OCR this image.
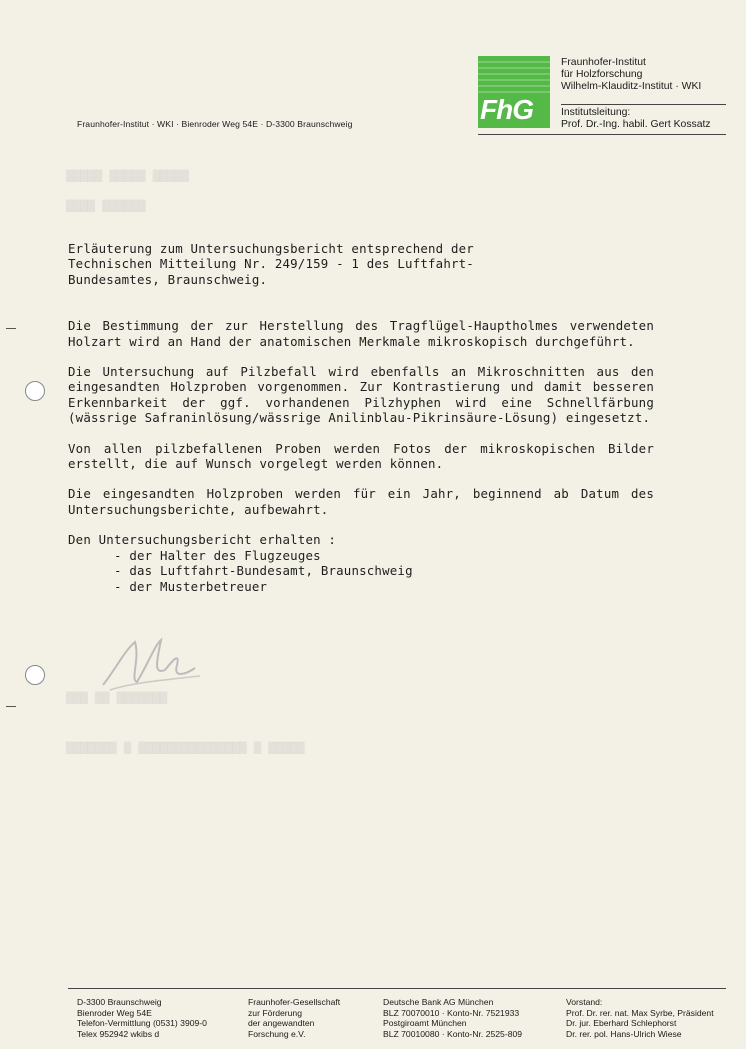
▇▇▇▇▇ ▇▇▇▇▇ ▇▇▇▇▇
▇▇▇▇ ▇▇▇▇▇▇
▇▇▇ ▇▇ ▇▇▇▇▇▇▇
▇▇▇▇▇▇▇ ▇ ▇▇▇▇▇▇▇▇▇▇▇▇▇▇▇ ▇ ▇▇▇▇▇
Fraunhofer-Institut · WKI · Bienroder Weg 54E · D-3300 Braunschweig	FhG
Fraunhofer-Institut
für Holzforschung
Wilhelm-Klauditz-Institut · WKI
Institutsleitung:
Prof. Dr.-Ing. habil. Gert Kossatz
Erläuterung zum Untersuchungsbericht entsprechend der
Technischen Mitteilung Nr. 249/159 - 1 des Luftfahrt-
Bundesamtes, Braunschweig.

Die Bestimmung der zur Herstellung des Tragflügel-Hauptholmes verwendeten Holzart wird an Hand der anatomischen Merkmale mikroskopisch durchgeführt.

Die Untersuchung auf Pilzbefall wird ebenfalls an Mikroschnitten aus den eingesandten Holzproben vorgenommen. Zur Kontrastierung und damit besseren Erkennbarkeit der ggf. vorhandenen Pilzhyphen wird eine Schnellfärbung (wässrige Safraninlösung/wässrige Anilinblau-Pikrinsäure-Lösung) eingesetzt.

Von allen pilzbefallenen Proben werden Fotos der mikroskopischen Bilder erstellt, die auf Wunsch vorgelegt werden können.

Die eingesandten Holzproben werden für ein Jahr, beginnend ab Datum des Untersuchungsberichte, aufbewahrt.

Den Untersuchungsbericht erhalten :
- der Halter des Flugzeuges
- das Luftfahrt-Bundesamt, Braunschweig
- der Musterbetreuer
D-3300 Braunschweig
Bienroder Weg 54E
Telefon-Vermittlung (0531) 3909-0
Telex 952942 wkibs d
Fraunhofer-Gesellschaft
zur Förderung
der angewandten
Forschung e.V.
Deutsche Bank AG München
BLZ 70070010 · Konto-Nr. 7521933
Postgiroamt München
BLZ 70010080 · Konto-Nr. 2525-809
Vorstand:
Prof. Dr. rer. nat. Max Syrbe, Präsident
Dr. jur. Eberhard Schlephorst
Dr. rer. pol. Hans-Ulrich Wiese
